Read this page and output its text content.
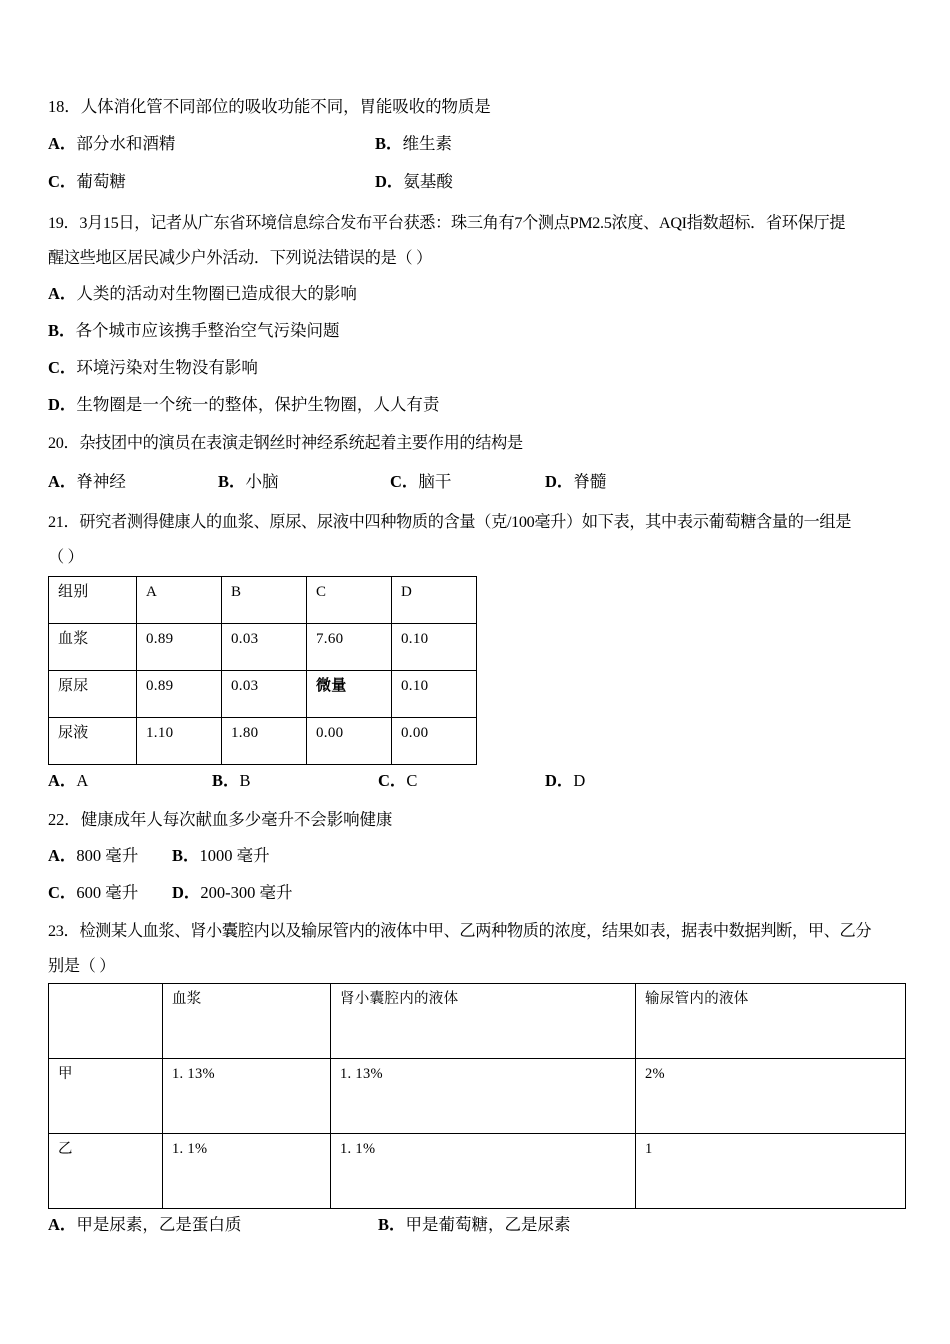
18．人体消化管不同部位的吸收功能不同，胃能吸收的物质是
A．部分水和酒精	B．维生素
C．葡萄糖	D．氨基酸
19．3月15日，记者从广东省环境信息综合发布平台获悉：珠三角有7个测点PM2.5浓度、AQI指数超标．省环保厅提
醒这些地区居民减少户外活动．下列说法错误的是（ ）
A．人类的活动对生物圈已造成很大的影响
B．各个城市应该携手整治空气污染问题
C．环境污染对生物没有影响
D．生物圈是一个统一的整体，保护生物圈，人人有责
20．杂技团中的演员在表演走钢丝时神经系统起着主要作用的结构是
A．脊神经	B．小脑	C．脑干	D．脊髓
21．研究者测得健康人的血浆、原尿、尿液中四种物质的含量（克/100毫升）如下表，其中表示葡萄糖含量的一组是
（ ）
组别	A	B	C	D
血浆	0.89	0.03	7.60	0.10
原尿	0.89	0.03	微量	0.10
尿液	1.10	1.80	0.00	0.00
A．A	B．B	C．C	D．D
22．健康成年人每次献血多少毫升不会影响健康
A．800 毫升 B．1000 毫升
C．600 毫升 D．200-300 毫升
23．检测某人血浆、肾小囊腔内以及输尿管内的液体中甲、乙两种物质的浓度，结果如表，据表中数据判断，甲、乙分
别是（ ）
	血浆	肾小囊腔内的液体	输尿管内的液体
甲	1. 13%	1. 13%	2%
乙	1. 1%	1. 1%	1
A．甲是尿素，乙是蛋白质	B．甲是葡萄糖，乙是尿素
